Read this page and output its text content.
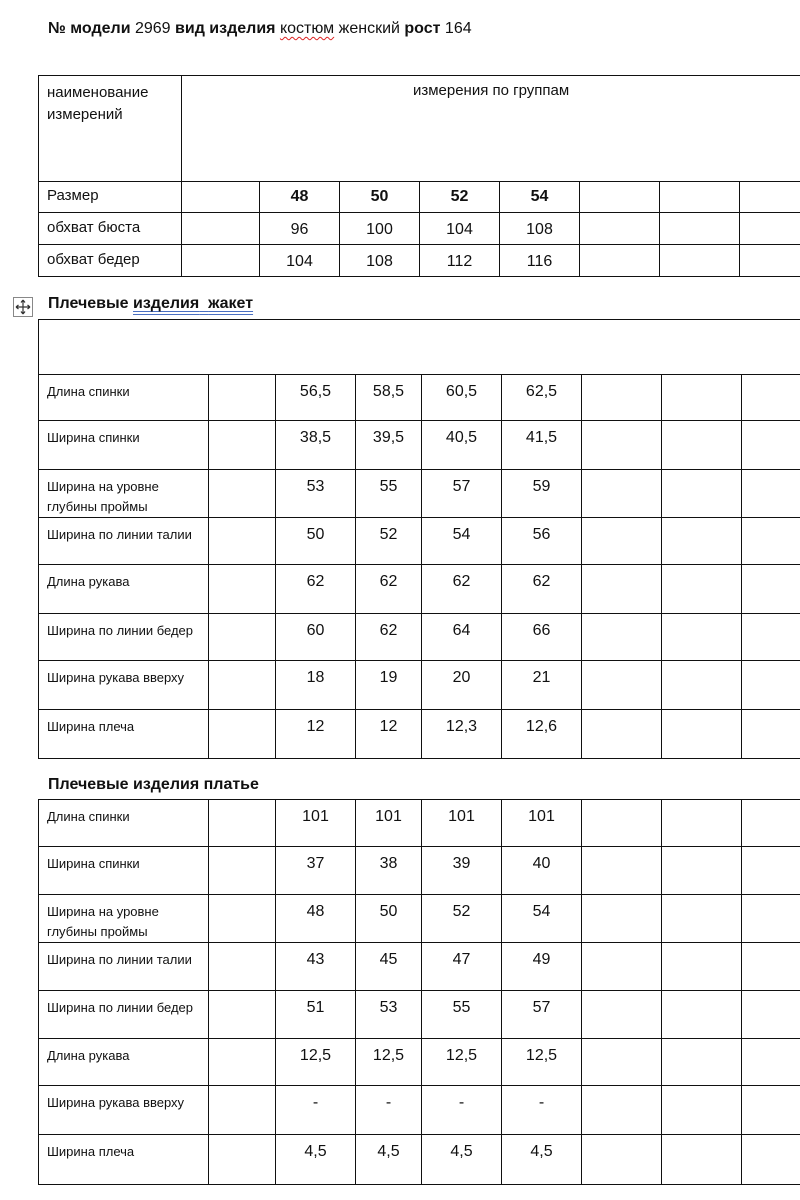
№ модели 2969 вид изделия костюм женский рост 164
наименование измерений	измерения по группам							
Размер		48	50	52	54			
обхват бюста		96	100	104	108			
обхват бедер		104	108	112	116			
Плечевые изделия жакет

Длина спинки		56,5	58,5	60,5	62,5			
Ширина спинки		38,5	39,5	40,5	41,5			
Ширина на уровне глубины проймы		53	55	57	59			
Ширина по линии талии		50	52	54	56			
Длина рукава		62	62	62	62			
Ширина по линии бедер		60	62	64	66			
Ширина рукава вверху		18	19	20	21			
Ширина плеча		12	12	12,3	12,6			
Плечевые изделия платье
Длина спинки		101	101	101	101			
Ширина спинки		37	38	39	40			
Ширина на уровне глубины проймы		48	50	52	54			
Ширина по линии талии		43	45	47	49			
Ширина по линии бедер		51	53	55	57			
Длина рукава		12,5	12,5	12,5	12,5			
Ширина рукава вверху		-	-	-	-			
Ширина плеча		4,5	4,5	4,5	4,5			
